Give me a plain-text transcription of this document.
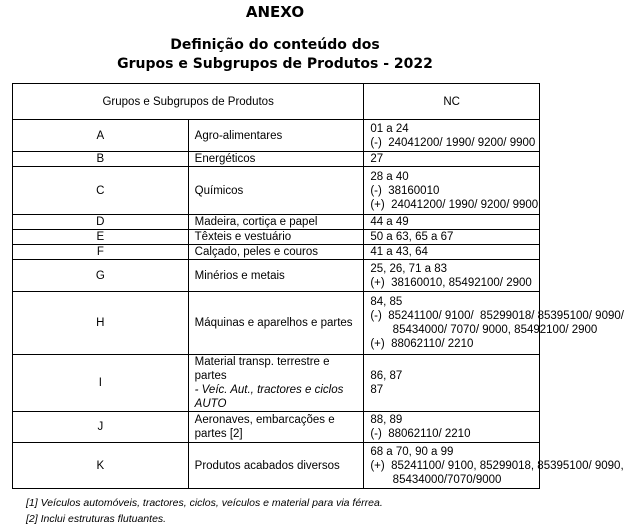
ANEXO
Definição do conteúdo dos
Grupos e Subgrupos de Produtos - 2022
Grupos e Subgrupos de Produtos		NC
A	Agro-alimentares	01 a 24
(-)  24041200/ 1990/ 9200/ 9900

B	Energéticos	27

C	Químicos	28 a 40
(-)  38160010
(+)  24041200/ 1990/ 9200/ 9900

D	Madeira, cortiça e papel	44 a 49

E	Têxteis e vestuário	50 a 63, 65 a 67

F	Calçado, peles e couros	41 a 43, 64

G	Minérios e metais	25, 26, 71 a 83
(+)  38160010, 85492100/ 2900

H	Máquinas e aparelhos e partes	84, 85
(-)  85241100/ 9100/  85299018/ 85395100/ 9090/
85434000/ 7070/ 9000, 85492100/ 2900
(+)  88062110/ 2210

I	Material transp. terrestre e partes
- Veíc. Aut., tractores e ciclos AUTO	86, 87
87

J	Aeronaves, embarcações e partes [2]	88, 89
(-)  88062110/ 2210

K	Produtos acabados diversos	68 a 70, 90 a 99
(+)  85241100/ 9100, 85299018, 85395100/ 9090,
85434000/7070/9000
[1] Veículos automóveis, tractores, ciclos, veículos e material para via férrea.
[2] Inclui estruturas flutuantes.
